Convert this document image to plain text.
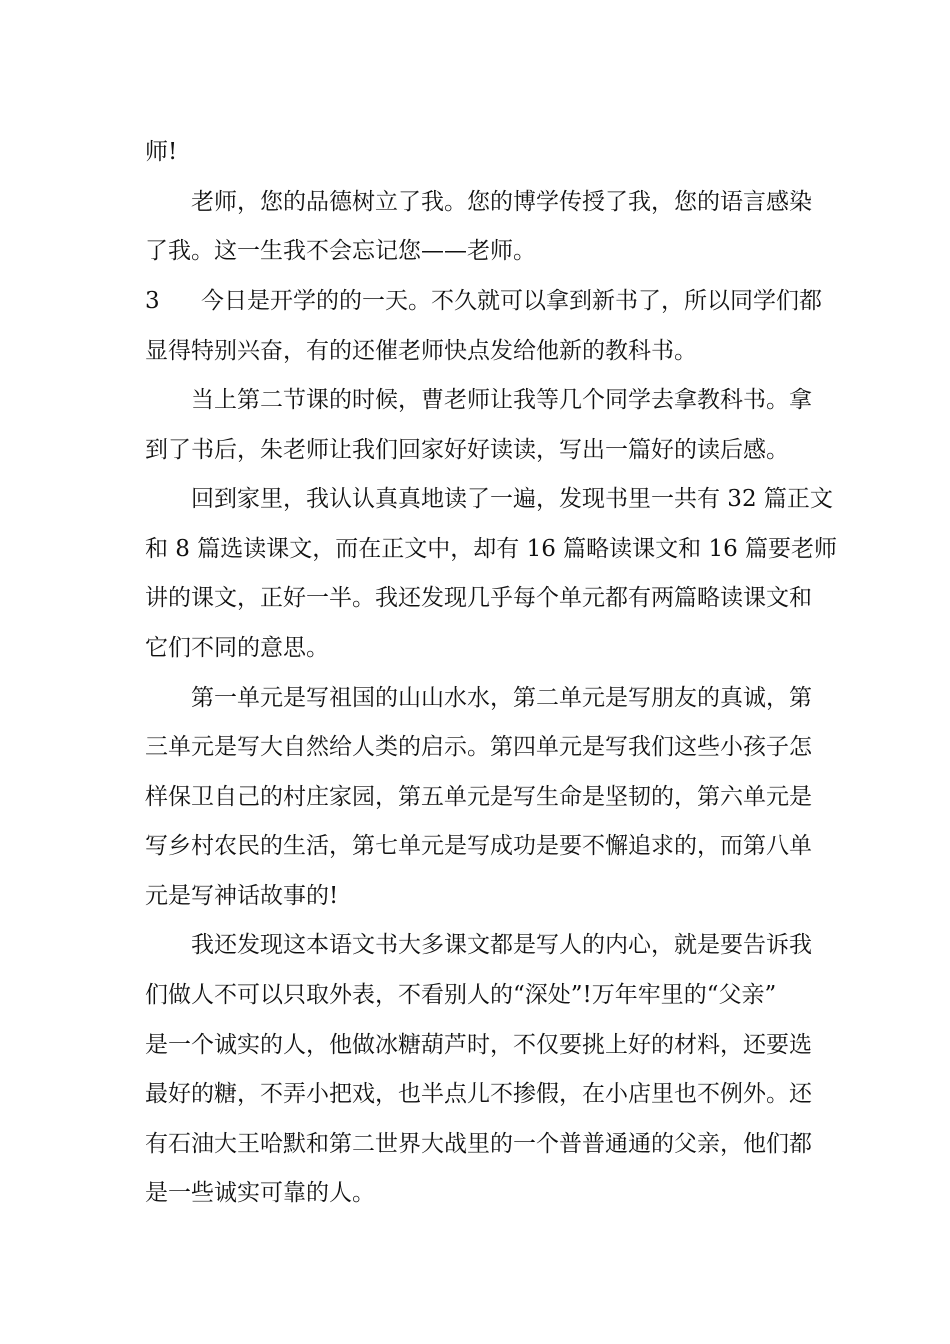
师!
老师，您的品德树立了我。您的博学传授了我，您的语言感染
了我。这一生我不会忘记您——老师。
3 今日是开学的的一天。不久就可以拿到新书了，所以同学们都
显得特别兴奋，有的还催老师快点发给他新的教科书。
当上第二节课的时候，曹老师让我等几个同学去拿教科书。拿
到了书后，朱老师让我们回家好好读读，写出一篇好的读后感。
回到家里，我认认真真地读了一遍，发现书里一共有 32 篇正文
和 8 篇选读课文，而在正文中，却有 16 篇略读课文和 16 篇要老师
讲的课文，正好一半。我还发现几乎每个单元都有两篇略读课文和
它们不同的意思。
第一单元是写祖国的山山水水，第二单元是写朋友的真诚，第
三单元是写大自然给人类的启示。第四单元是写我们这些小孩子怎
样保卫自己的村庄家园，第五单元是写生命是坚韧的，第六单元是
写乡村农民的生活，第七单元是写成功是要不懈追求的，而第八单
元是写神话故事的!
我还发现这本语文书大多课文都是写人的内心，就是要告诉我
们做人不可以只取外表，不看别人的“深处”!万年牢里的“父亲”
是一个诚实的人，他做冰糖葫芦时，不仅要挑上好的材料，还要选
最好的糖，不弄小把戏，也半点儿不掺假，在小店里也不例外。还
有石油大王哈默和第二世界大战里的一个普普通通的父亲，他们都
是一些诚实可靠的人。
